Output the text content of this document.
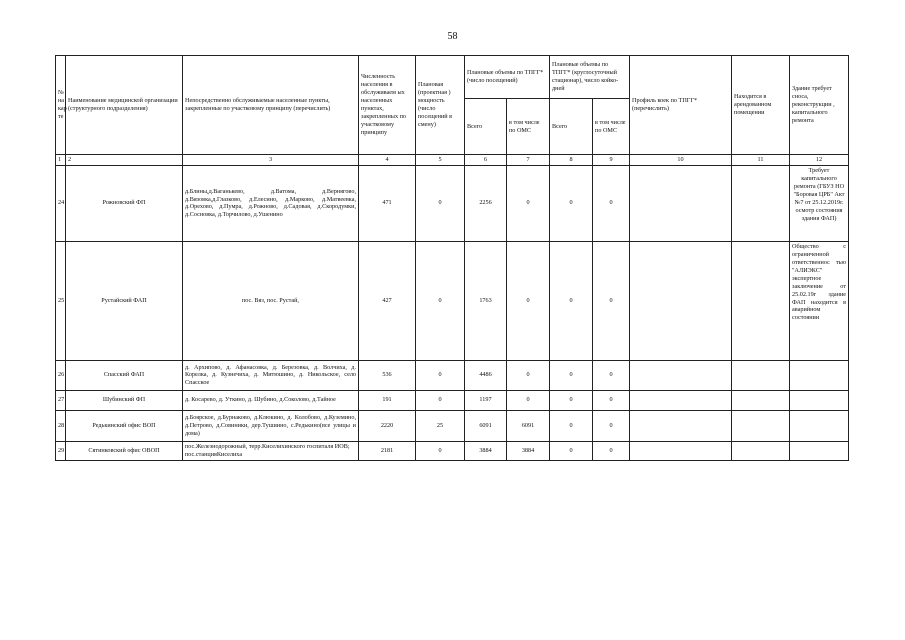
58
№ на кар те	Наименование медицинской организации (структурного подразделения)	Непосредственно обслуживаемые населенные пункты, закрепленные по участковому принципу (перечислить)	Численность населения в обслуживаем ых населенных пунктах, закрепленных по участковому принципу	Плановая (проектная ) мощность (число посещений в смену)	Плановые объемы по ТПГГ* (число посещений)		Плановые объемы по ТПГГ* (круглосуточный стационар), число койко-дней		Профиль коек по ТПГГ* (перечислить)	Находится в арендованном помещении	Здание требует сноса, реконструкции , капитального ремонта
					Всего	в том числе по ОМС	Всего	в том числе по ОМС			
1	2	3	4	5	6	7	8	9	10	11	12
24	Рожновский ФП	д.Блины,д.Ваганькево, д.Ватома, д.Верняговo, д.Вязовка,д.Глазково, д.Елесино, д.Марково, д.Матвеевка, д.Орехово, д.Пумра, д.Рожново, д.Садовая, д.Скородумки, д.Сосновка, д.Торчилово, д.Ушенино	471	0	2256	0	0	0			Требует капитального ремонта (ГБУЗ НО "Боровая ЦРБ" Акт №7 от 25.12.2019г. осмотр состояния здания ФАП)
25	Рустайский ФАП	пос. Вяз, пос. Рустай,	427	0	1763	0	0	0			Общество с ограниченной ответственнос тью "АЛИЭКС" экспертное заключение от 25.02.19г здание ФАП находится в аварийном состоянии
26	Спасский ФАП	д. Архипово, д. Афанасовка, д. Березовка, д. Волчиха, д. Корелка, д. Кузнечиха, д. Митюшино, д. Никольское, село Спасское	536	0	4486	0	0	0			
27	Шубинский ФП	д. Косарево, д. Уткино, д. Шубино, д.Соколово, д.Тайное	191	0	1197	0	0	0			
28	Редькинский офис ВОП	д.Боярское, д.Бурнаково, д.Клюкино, д. Колобово, д.Куземино, д.Петрово, д.Совиники, дер.Тушиино, с.Редькино(все улицы и дома)	2220	25	6091	6091	0	0			
29	Сятинковский офис ОВОП	пос.Железнодорожный, терр.Киселихинского госпиталя ИОВ; пос.станцияКиселиха	2181	0	3884	3884	0	0			
